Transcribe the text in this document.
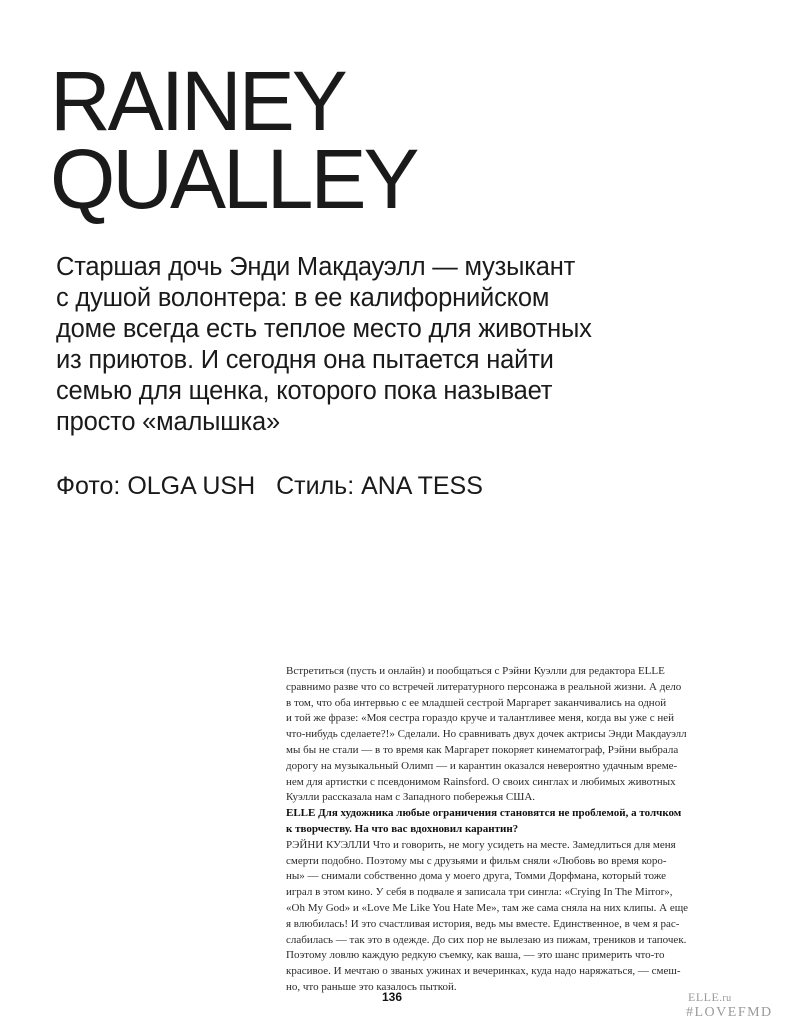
RAINEY
QUALLEY
Старшая дочь Энди Макдауэлл — музыкант
с душой волонтера: в ее калифорнийском
доме всегда есть теплое место для животных
из приютов. И сегодня она пытается найти
семью для щенка, которого пока называет
просто «малышка»
Фото: OLGA USH Стиль: ANA TESS
Встретиться (пусть и онлайн) и пообщаться с Рэйни Куэлли для редактора ELLE
сравнимо разве что со встречей литературного персонажа в реальной жизни. А дело
в том, что оба интервью с ее младшей сестрой Маргарет заканчивались на одной
и той же фразе: «Моя сестра гораздо круче и талантливее меня, когда вы уже с ней
что-нибудь сделаете?!» Сделали. Но сравнивать двух дочек актрисы Энди Макдауэлл
мы бы не стали — в то время как Маргарет покоряет кинематограф, Рэйни выбрала
дорогу на музыкальный Олимп — и карантин оказался невероятно удачным време-
нем для артистки с псевдонимом Rainsford. О своих синглах и любимых животных
Куэлли рассказала нам с Западного побережья США.
ELLE Для художника любые ограничения становятся не проблемой, а толчком
к творчеству. На что вас вдохновил карантин?
РЭЙНИ КУЭЛЛИ Что и говорить, не могу усидеть на месте. Замедлиться для меня
смерти подобно. Поэтому мы с друзьями и фильм сняли «Любовь во время коро-
ны» — снимали собственно дома у моего друга, Томми Дорфмана, который тоже
играл в этом кино. У себя в подвале я записала три сингла: «Crying In The Mirror»,
«Oh My God» и «Love Me Like You Hate Me», там же сама сняла на них клипы. А еще
я влюбилась! И это счастливая история, ведь мы вместе. Единственное, в чем я рас-
слабилась — так это в одежде. До сих пор не вылезаю из пижам, треников и тапочек.
Поэтому ловлю каждую редкую съемку, как ваша, — это шанс примерить что-то
красивое. И мечтаю о званых ужинах и вечеринках, куда надо наряжаться, — смеш-
но, что раньше это казалось пыткой.
136	ELLE.ru
#LOVEFMD
